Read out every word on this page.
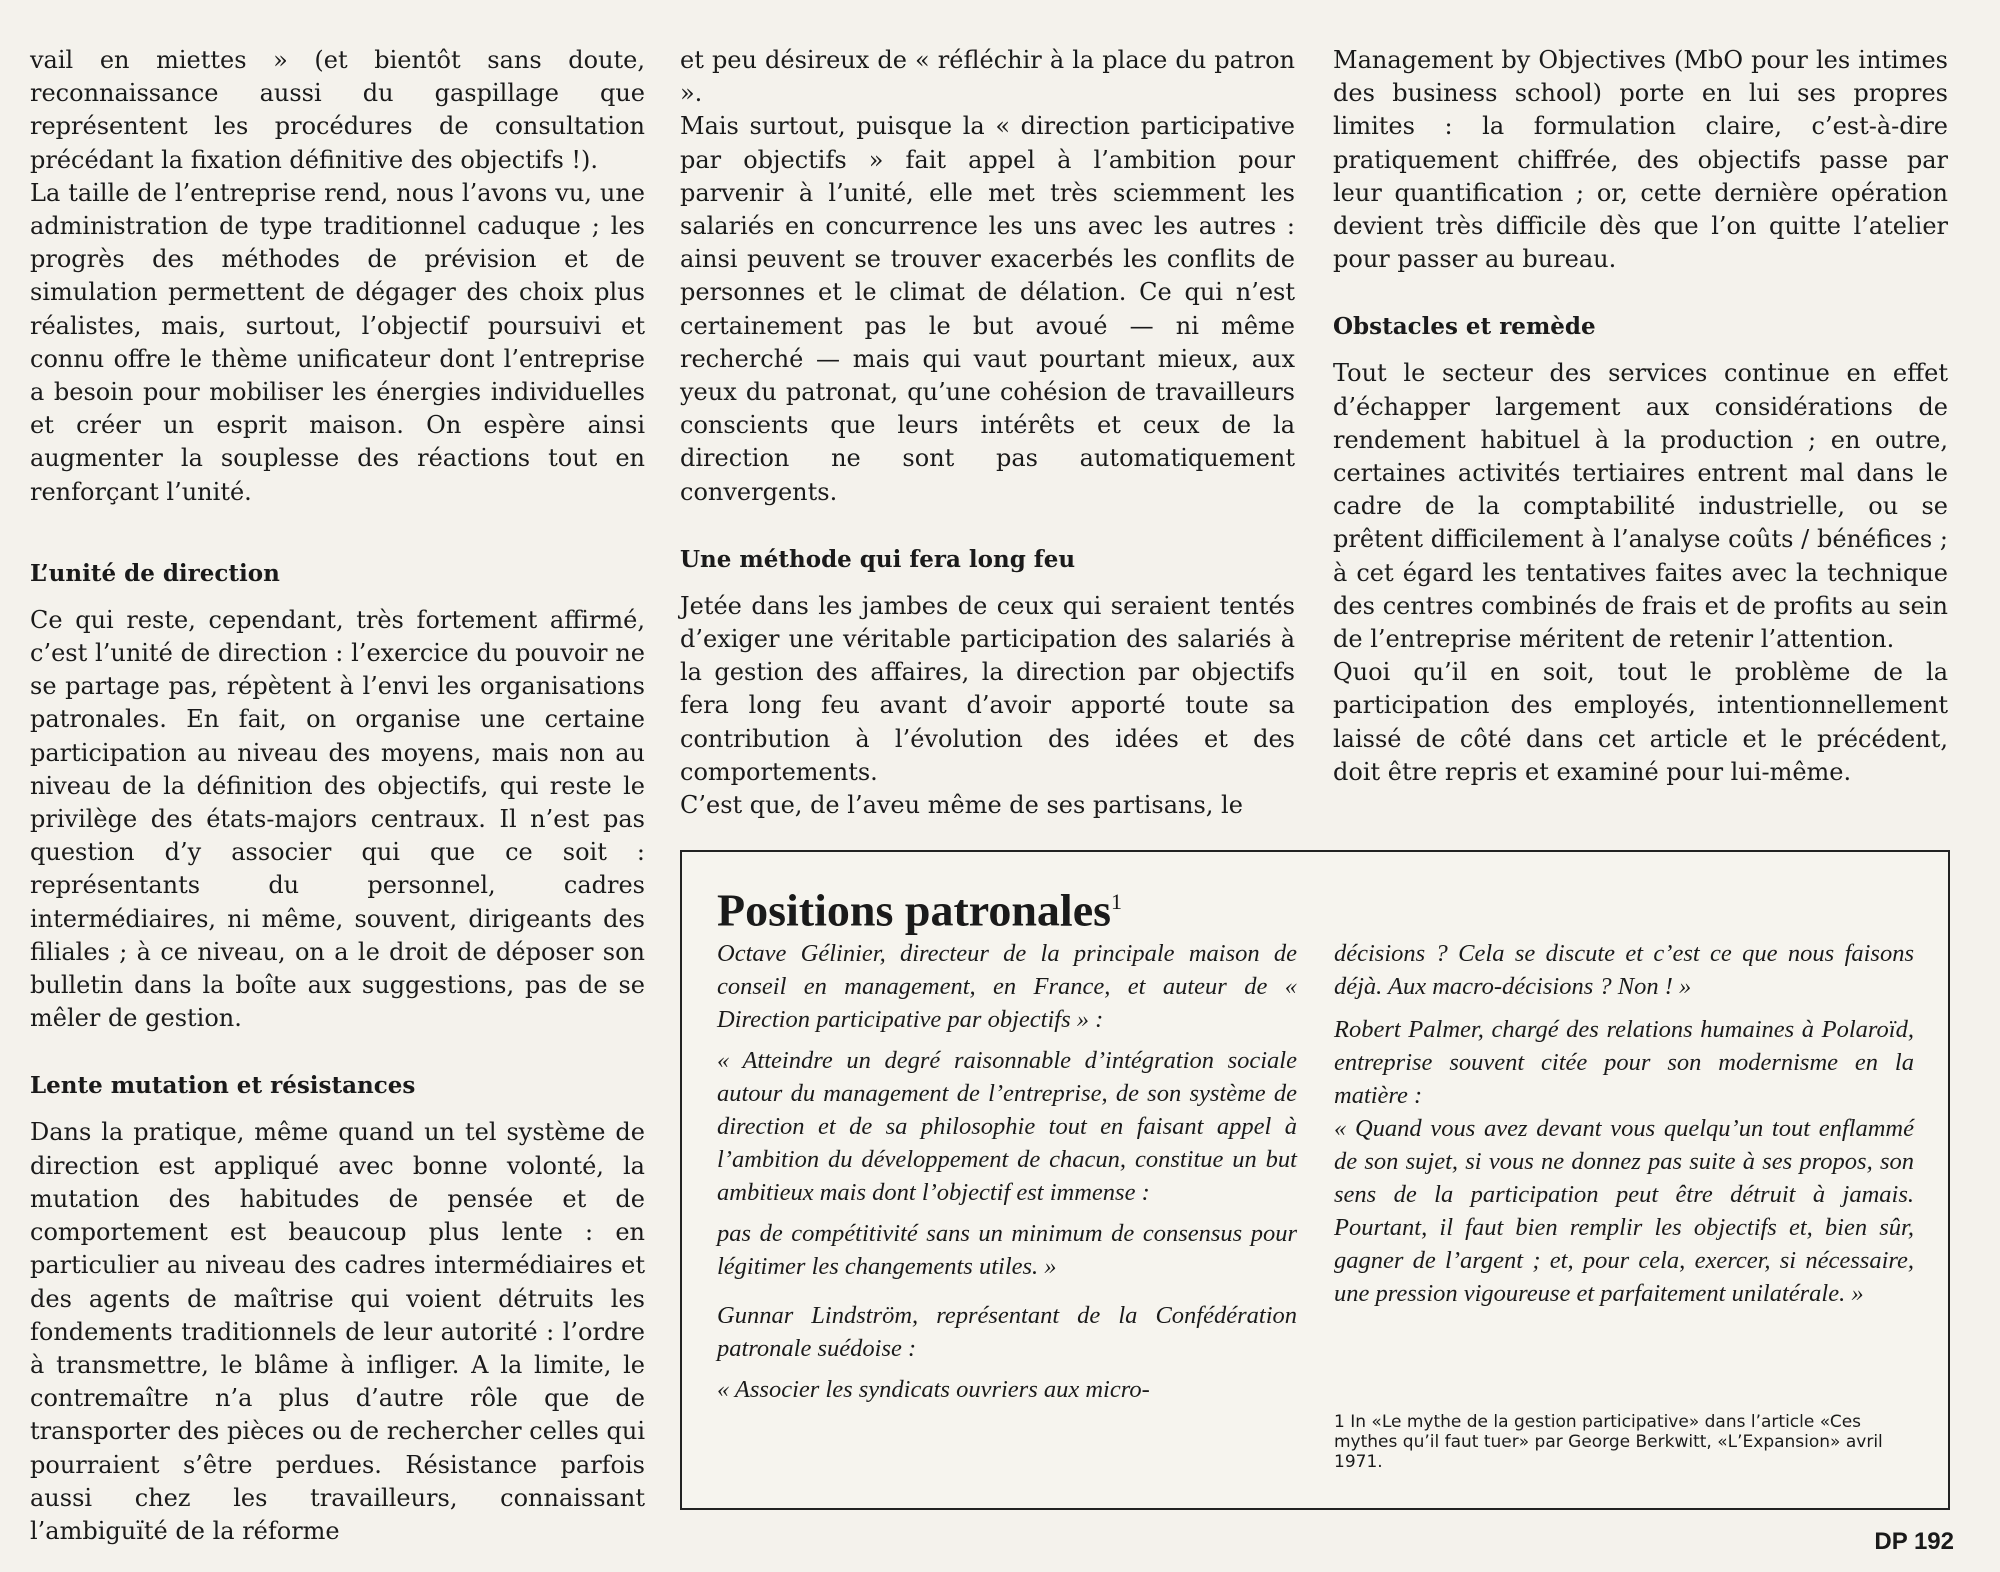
vail en miettes » (et bientôt sans doute, reconnaissance aussi du gaspillage que représentent les procédures de consultation précédant la fixation définitive des objectifs !).

La taille de l’entreprise rend, nous l’avons vu, une administration de type traditionnel caduque ; les progrès des méthodes de prévision et de simulation permettent de dégager des choix plus réalistes, mais, surtout, l’objectif poursuivi et connu offre le thème unificateur dont l’entreprise a besoin pour mobiliser les énergies individuelles et créer un esprit maison. On espère ainsi augmenter la souplesse des réactions tout en renforçant l’unité.

L’unité de direction

Ce qui reste, cependant, très fortement affirmé, c’est l’unité de direction : l’exercice du pouvoir ne se partage pas, répètent à l’envi les organisations patronales. En fait, on organise une certaine participation au niveau des moyens, mais non au niveau de la définition des objectifs, qui reste le privilège des états-majors centraux. Il n’est pas question d’y associer qui que ce soit : représentants du personnel, cadres intermédiaires, ni même, souvent, dirigeants des filiales ; à ce niveau, on a le droit de déposer son bulletin dans la boîte aux suggestions, pas de se mêler de gestion.

Lente mutation et résistances

Dans la pratique, même quand un tel système de direction est appliqué avec bonne volonté, la mutation des habitudes de pensée et de comportement est beaucoup plus lente : en particulier au niveau des cadres intermédiaires et des agents de maîtrise qui voient détruits les fondements traditionnels de leur autorité : l’ordre à transmettre, le blâme à infliger. A la limite, le contremaître n’a plus d’autre rôle que de transporter des pièces ou de rechercher celles qui pourraient s’être perdues. Résistance parfois aussi chez les travailleurs, connaissant l’ambiguïté de la réforme

et peu désireux de « réfléchir à la place du patron ».

Mais surtout, puisque la « direction participative par objectifs » fait appel à l’ambition pour parvenir à l’unité, elle met très sciemment les salariés en concurrence les uns avec les autres : ainsi peuvent se trouver exacerbés les conflits de personnes et le climat de délation. Ce qui n’est certainement pas le but avoué — ni même recherché — mais qui vaut pourtant mieux, aux yeux du patronat, qu’une cohésion de travailleurs conscients que leurs intérêts et ceux de la direction ne sont pas automatiquement convergents.

Une méthode qui fera long feu

Jetée dans les jambes de ceux qui seraient tentés d’exiger une véritable participation des salariés à la gestion des affaires, la direction par objectifs fera long feu avant d’avoir apporté toute sa contribution à l’évolution des idées et des comportements.

C’est que, de l’aveu même de ses partisans, le

Management by Objectives (MbO pour les intimes des business school) porte en lui ses propres limites : la formulation claire, c’est-à-dire pratiquement chiffrée, des objectifs passe par leur quantification ; or, cette dernière opération devient très difficile dès que l’on quitte l’atelier pour passer au bureau.

Obstacles et remède

Tout le secteur des services continue en effet d’échapper largement aux considérations de rendement habituel à la production ; en outre, certaines activités tertiaires entrent mal dans le cadre de la comptabilité industrielle, ou se prêtent difficilement à l’analyse coûts / bénéfices ; à cet égard les tentatives faites avec la technique des centres combinés de frais et de profits au sein de l’entreprise méritent de retenir l’attention.

Quoi qu’il en soit, tout le problème de la participation des employés, intentionnellement laissé de côté dans cet article et le précédent, doit être repris et examiné pour lui-même.

Positions patronales$^1$

Octave Gélinier, directeur de la principale maison de conseil en management, en France, et auteur de « Direction participative par objectifs » :

« Atteindre un degré raisonnable d’intégration sociale autour du management de l’entreprise, de son système de direction et de sa philosophie tout en faisant appel à l’ambition du développement de chacun, constitue un but ambitieux mais dont l’objectif est immense :

pas de compétitivité sans un minimum de consensus pour légitimer les changements utiles. »

Gunnar Lindström, représentant de la Confédération patronale suédoise :

« Associer les syndicats ouvriers aux micro-

décisions ? Cela se discute et c’est ce que nous faisons déjà. Aux macro-décisions ? Non ! »

Robert Palmer, chargé des relations humaines à Polaroïd, entreprise souvent citée pour son modernisme en la matière :

« Quand vous avez devant vous quelqu’un tout enflammé de son sujet, si vous ne donnez pas suite à ses propos, son sens de la participation peut être détruit à jamais. Pourtant, il faut bien remplir les objectifs et, bien sûr, gagner de l’argent ; et, pour cela, exercer, si nécessaire, une pression vigoureuse et parfaitement unilatérale. »

1 In «Le mythe de la gestion participative» dans l’article «Ces mythes qu’il faut tuer» par George Berkwitt, «L’Expansion» avril 1971.
DP 192
